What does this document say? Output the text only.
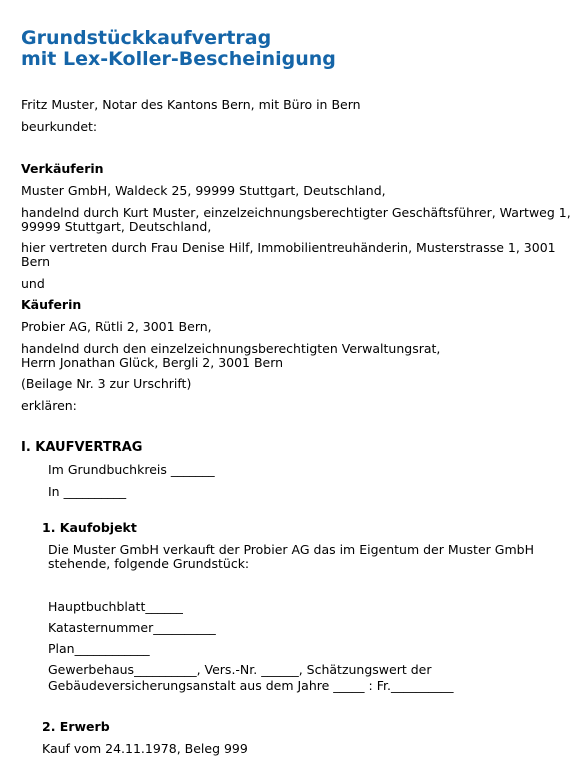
Grundstückkaufvertrag
mit Lex-Koller-Bescheinigung
Fritz Muster, Notar des Kantons Bern, mit Büro in Bern
beurkundet:
Verkäuferin
Muster GmbH, Waldeck 25, 99999 Stuttgart, Deutschland,
handelnd durch Kurt Muster, einzelzeichnungsberechtigter Geschäftsführer, Wartweg 1,
99999 Stuttgart, Deutschland,
hier vertreten durch Frau Denise Hilf, Immobilientreuhänderin, Musterstrasse 1, 3001
Bern
und
Käuferin
Probier AG, Rütli 2, 3001 Bern,
handelnd durch den einzelzeichnungsberechtigten Verwaltungsrat,
Herrn Jonathan Glück, Bergli 2, 3001 Bern
(Beilage Nr. 3 zur Urschrift)
erklären:
I. KAUFVERTRAG
Im Grundbuchkreis _______
In __________
1. Kaufobjekt
Die Muster GmbH verkauft der Probier AG das im Eigentum der Muster GmbH
stehende, folgende Grundstück:
Hauptbuchblatt______
Katasternummer__________
Plan____________
Gewerbehaus__________, Vers.-Nr. ______, Schätzungswert der
Gebäudeversicherungsanstalt aus dem Jahre _____ : Fr.__________
2. Erwerb
Kauf vom 24.11.1978, Beleg 999
